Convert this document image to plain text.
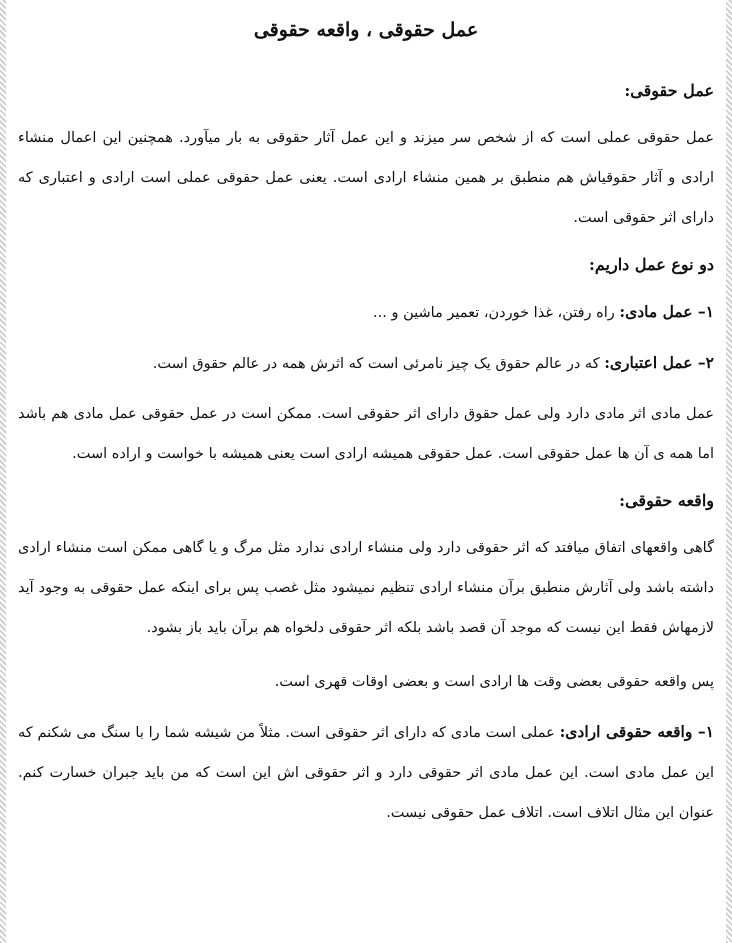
عمل حقوقی ، واقعه حقوقی
عمل حقوقی:

عمل حقوقی عملی است که از شخص سر میزند و این عمل آثار حقوقی به بار میآورد. همچنین این اعمال منشاء ارادی و آثار حقوقیاش هم منطبق بر همین منشاء ارادی است. یعنی عمل حقوقی عملی است ارادی و اعتباری که دارای اثر حقوقی است.

دو نوع عمل داریم:

۱– عمل مادی: راه رفتن، غذا خوردن، تعمیر ماشین و ...

۲– عمل اعتباری: که در عالم حقوق یک چیز نامرئی است که اثرش همه در عالم حقوق است.

عمل مادی اثر مادی دارد ولی عمل حقوق دارای اثر حقوقی است. ممکن است در عمل حقوقی عمل مادی هم باشد اما همه ی آن ها عمل حقوقی است. عمل حقوقی همیشه ارادی است یعنی همیشه با خواست و اراده است.

واقعه حقوقی:

گاهی واقعهای اتفاق میافتد که اثر حقوقی دارد ولی منشاء ارادی ندارد مثل مرگ و یا گاهی ممکن است منشاء ارادی داشته باشد ولی آثارش منطبق برآن منشاء ارادی تنظیم نمیشود مثل غصب پس برای اینکه عمل حقوقی به وجود آید لازمهاش فقط این نیست که موجد آن قصد باشد بلکه اثر حقوقی دلخواه هم برآن باید باز بشود.

پس واقعه حقوقی بعضی وقت ها ارادی است و بعضی اوقات قهری است.

۱– واقعه حقوقی ارادی: عملی است مادی که دارای اثر حقوقی است. مثلاً من شیشه شما را با سنگ می شکنم که این عمل مادی است. این عمل مادی اثر حقوقی دارد و اثر حقوقی اش این است که من باید جبران خسارت کنم. عنوان این مثال اتلاف است. اتلاف عمل حقوقی نیست.
